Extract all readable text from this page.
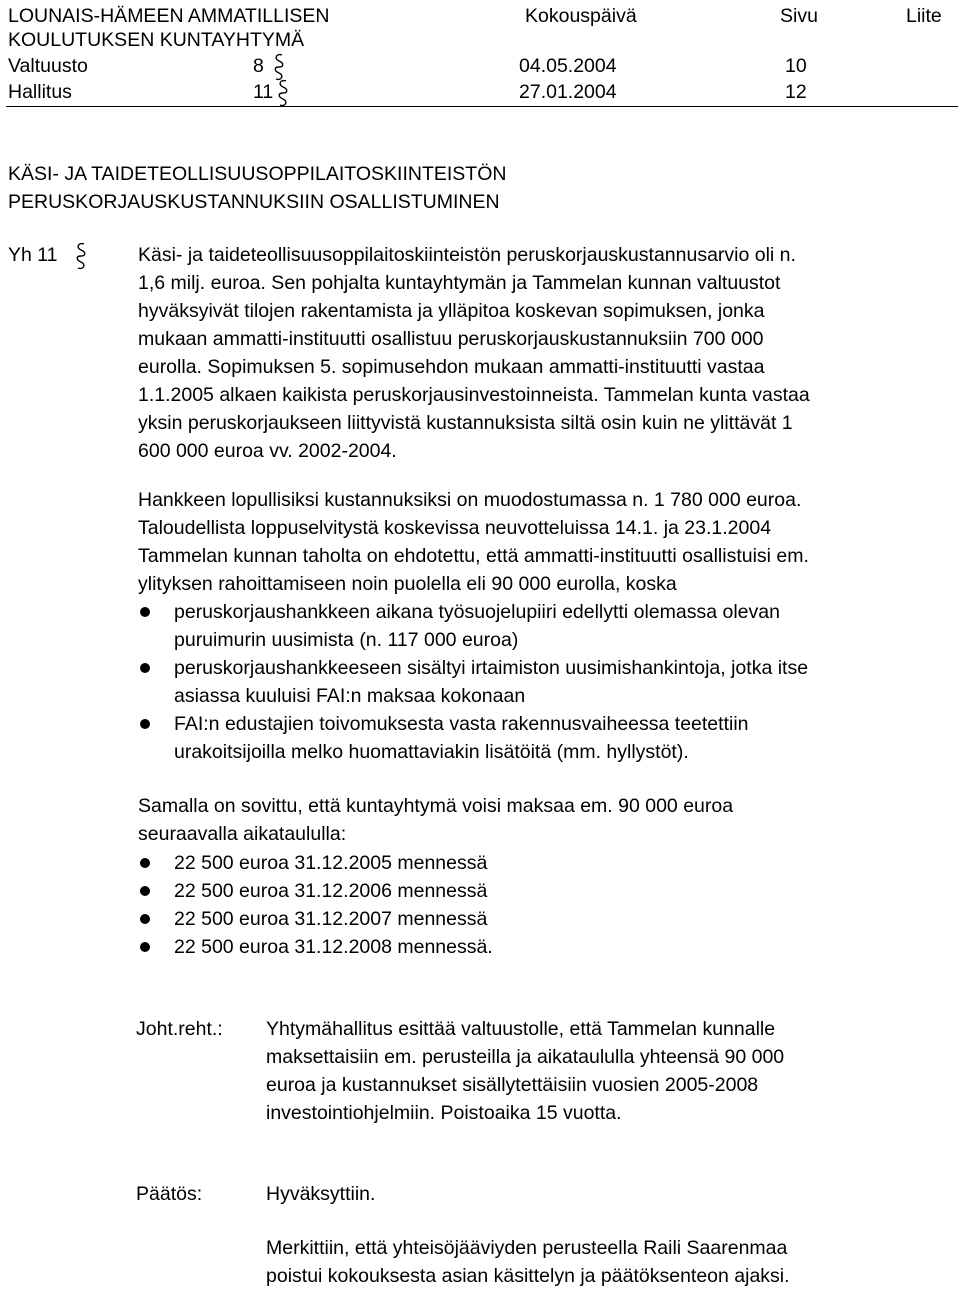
LOUNAIS-HÄMEEN AMMATILLISEN
KOULUTUKSEN KUNTAYHTYMÄ
Kokouspäivä	Sivu	Liite
Valtuusto	8	04.05.2004	10
Hallitus	11	27.01.2004	12
KÄSI- JA TAIDETEOLLISUUSOPPILAITOSKIINTEISTÖN
PERUSKORJAUSKUSTANNUKSIIN OSALLISTUMINEN
Yh 11	Käsi- ja taideteollisuusoppilaitoskiinteistön peruskorjauskustannusarvio oli n.
1,6 milj. euroa. Sen pohjalta kuntayhtymän ja Tammelan kunnan valtuustot
hyväksyivät tilojen rakentamista ja ylläpitoa koskevan sopimuksen, jonka
mukaan ammatti-instituutti osallistuu peruskorjauskustannuksiin 700 000
eurolla. Sopimuksen 5. sopimusehdon mukaan ammatti-instituutti vastaa
1.1.2005 alkaen kaikista peruskorjausinvestoinneista. Tammelan kunta vastaa
yksin peruskorjaukseen liittyvistä kustannuksista siltä osin kuin ne ylittävät 1
600 000 euroa vv. 2002-2004.
Hankkeen lopullisiksi kustannuksiksi on muodostumassa n. 1 780 000 euroa.
Taloudellista loppuselvitystä koskevissa neuvotteluissa 14.1. ja 23.1.2004
Tammelan kunnan taholta on ehdotettu, että ammatti-instituutti osallistuisi em.
ylityksen rahoittamiseen noin puolella eli 90 000 eurolla, koska
peruskorjaushankkeen aikana työsuojelupiiri edellytti olemassa olevan
puruimurin uusimista (n. 117 000 euroa)
peruskorjaushankkeeseen sisältyi irtaimiston uusimishankintoja, jotka itse
asiassa kuuluisi FAI:n maksaa kokonaan
FAI:n edustajien toivomuksesta vasta rakennusvaiheessa teetettiin
urakoitsijoilla melko huomattaviakin lisätöitä (mm. hyllystöt).
Samalla on sovittu, että kuntayhtymä voisi maksaa em. 90 000 euroa
seuraavalla aikataululla:
22 500 euroa 31.12.2005 mennessä
22 500 euroa 31.12.2006 mennessä
22 500 euroa 31.12.2007 mennessä
22 500 euroa 31.12.2008 mennessä.
Joht.reht.: Yhtymähallitus esittää valtuustolle, että Tammelan kunnalle
maksettaisiin em. perusteilla ja aikataululla yhteensä 90 000
euroa ja kustannukset sisällytettäisiin vuosien 2005-2008
investointiohjelmiin. Poistoaika 15 vuotta.
Päätös:	Hyväksyttiin.
Merkittiin, että yhteisöjääviyden perusteella Raili Saarenmaa
poistui kokouksesta asian käsittelyn ja päätöksenteon ajaksi.
